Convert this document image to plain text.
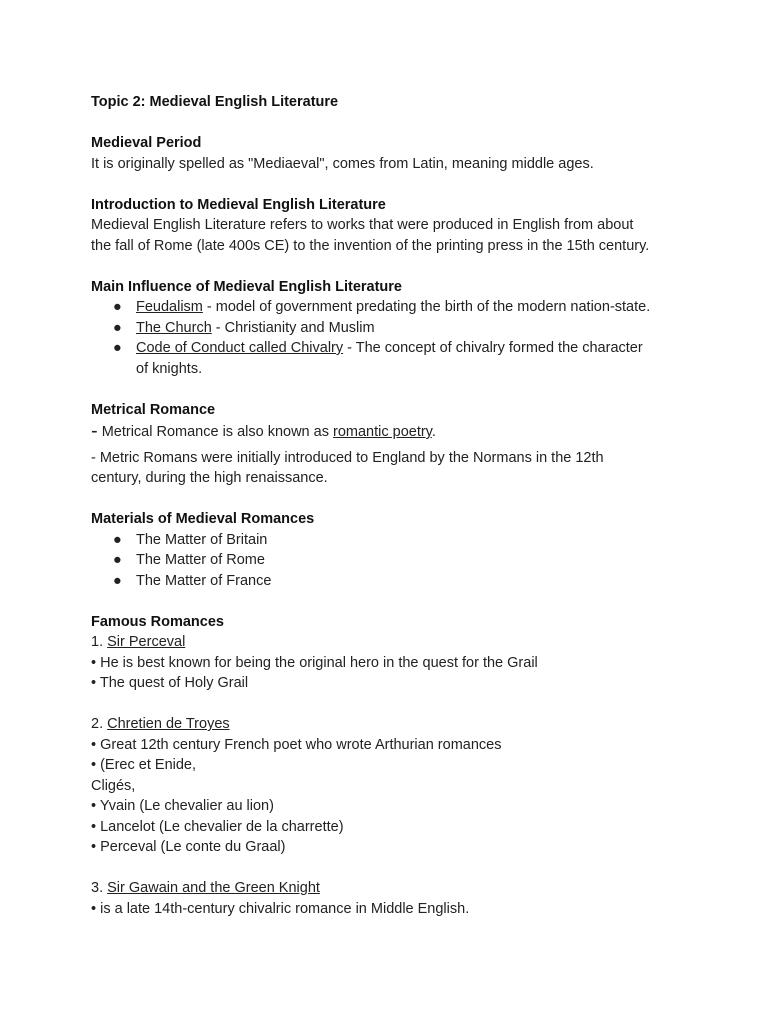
Topic 2: Medieval English Literature

Medieval Period

It is originally spelled as "Mediaeval", comes from Latin, meaning middle ages.

Introduction to Medieval English Literature

Medieval English Literature refers to works that were produced in English from about

the fall of Rome (late 400s CE) to the invention of the printing press in the 15th century.

Main Influence of Medieval English Literature

● Feudalism - model of government predating the birth of the modern nation-state.
● The Church - Christianity and Muslim
● Code of Conduct called Chivalry - The concept of chivalry formed the character
of knights.

Metrical Romance

- Metrical Romance is also known as romantic poetry.

- Metric Romans were initially introduced to England by the Normans in the 12th

century, during the high renaissance.

Materials of Medieval Romances

● The Matter of Britain
● The Matter of Rome
● The Matter of France

Famous Romances

1. Sir Perceval

• He is best known for being the original hero in the quest for the Grail

• The quest of Holy Grail

2. Chretien de Troyes

• Great 12th century French poet who wrote Arthurian romances

• (Erec et Enide,

Cligés,

• Yvain (Le chevalier au lion)

• Lancelot (Le chevalier de la charrette)

• Perceval (Le conte du Graal)

3. Sir Gawain and the Green Knight

• is a late 14th-century chivalric romance in Middle English.
